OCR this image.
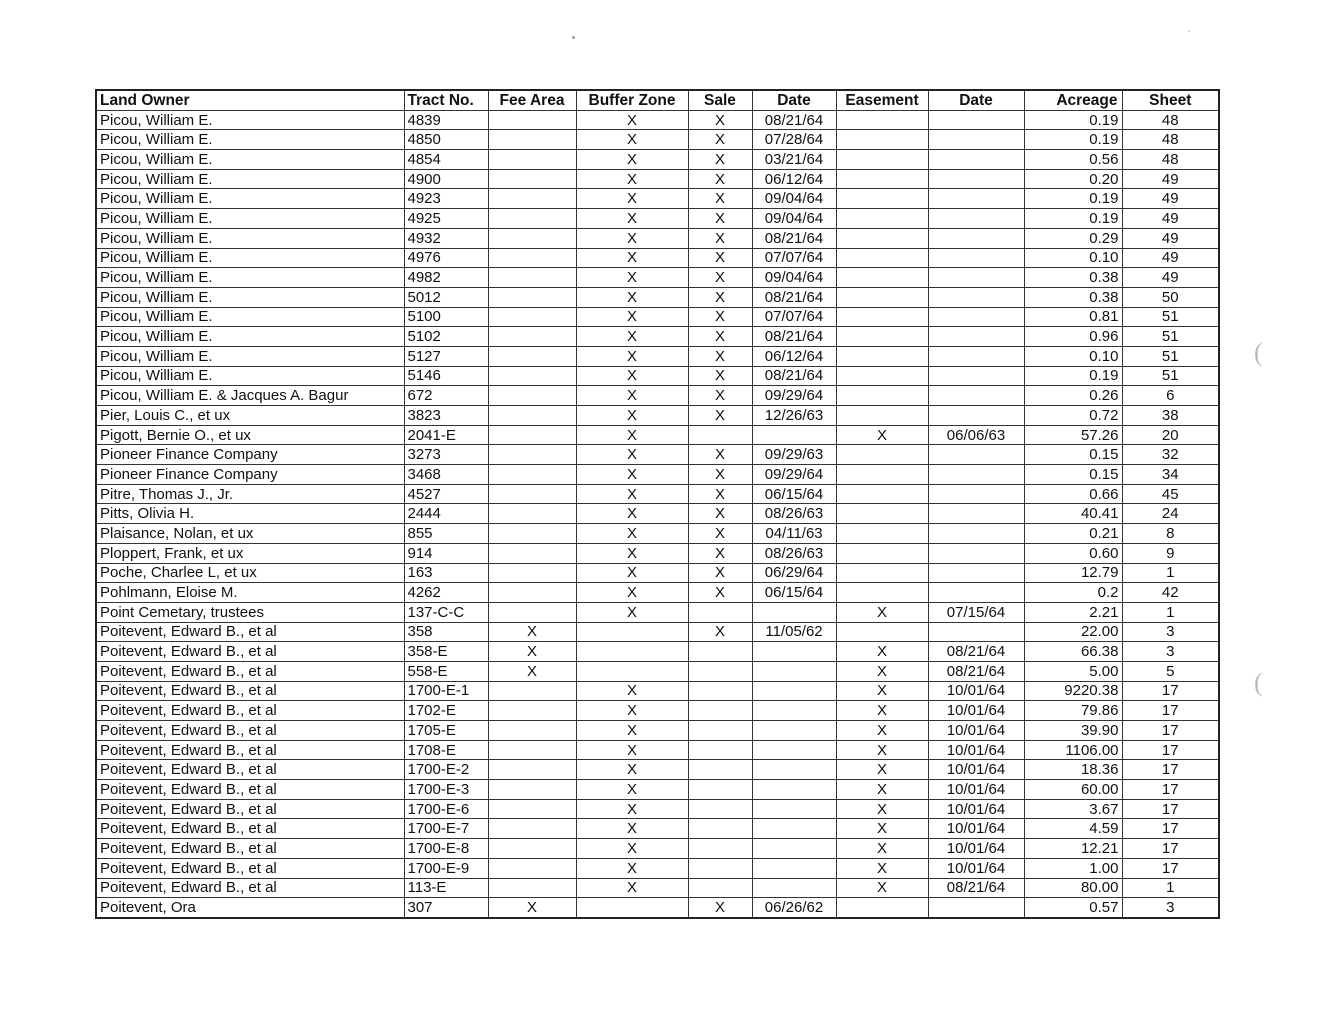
(
(
Land Owner	Tract No.	Fee Area	Buffer Zone	Sale	Date	Easement	Date	Acreage	Sheet
Picou, William E.	4839		X	X	08/21/64			0.19	48
Picou, William E.	4850		X	X	07/28/64			0.19	48
Picou, William E.	4854		X	X	03/21/64			0.56	48
Picou, William E.	4900		X	X	06/12/64			0.20	49
Picou, William E.	4923		X	X	09/04/64			0.19	49
Picou, William E.	4925		X	X	09/04/64			0.19	49
Picou, William E.	4932		X	X	08/21/64			0.29	49
Picou, William E.	4976		X	X	07/07/64			0.10	49
Picou, William E.	4982		X	X	09/04/64			0.38	49
Picou, William E.	5012		X	X	08/21/64			0.38	50
Picou, William E.	5100		X	X	07/07/64			0.81	51
Picou, William E.	5102		X	X	08/21/64			0.96	51
Picou, William E.	5127		X	X	06/12/64			0.10	51
Picou, William E.	5146		X	X	08/21/64			0.19	51
Picou, William E. & Jacques A. Bagur	672		X	X	09/29/64			0.26	6
Pier, Louis C., et ux	3823		X	X	12/26/63			0.72	38
Pigott, Bernie O., et ux	2041-E		X			X	06/06/63	57.26	20
Pioneer Finance Company	3273		X	X	09/29/63			0.15	32
Pioneer Finance Company	3468		X	X	09/29/64			0.15	34
Pitre, Thomas J., Jr.	4527		X	X	06/15/64			0.66	45
Pitts, Olivia H.	2444		X	X	08/26/63			40.41	24
Plaisance, Nolan, et ux	855		X	X	04/11/63			0.21	8
Ploppert, Frank, et ux	914		X	X	08/26/63			0.60	9
Poche, Charlee L, et ux	163		X	X	06/29/64			12.79	1
Pohlmann, Eloise M.	4262		X	X	06/15/64			0.2	42
Point Cemetary, trustees	137-C-C		X			X	07/15/64	2.21	1
Poitevent, Edward B., et al	358	X		X	11/05/62			22.00	3
Poitevent, Edward B., et al	358-E	X				X	08/21/64	66.38	3
Poitevent, Edward B., et al	558-E	X				X	08/21/64	5.00	5
Poitevent, Edward B., et al	1700-E-1		X			X	10/01/64	9220.38	17
Poitevent, Edward B., et al	1702-E		X			X	10/01/64	79.86	17
Poitevent, Edward B., et al	1705-E		X			X	10/01/64	39.90	17
Poitevent, Edward B., et al	1708-E		X			X	10/01/64	1106.00	17
Poitevent, Edward B., et al	1700-E-2		X			X	10/01/64	18.36	17
Poitevent, Edward B., et al	1700-E-3		X			X	10/01/64	60.00	17
Poitevent, Edward B., et al	1700-E-6		X			X	10/01/64	3.67	17
Poitevent, Edward B., et al	1700-E-7		X			X	10/01/64	4.59	17
Poitevent, Edward B., et al	1700-E-8		X			X	10/01/64	12.21	17
Poitevent, Edward B., et al	1700-E-9		X			X	10/01/64	1.00	17
Poitevent, Edward B., et al	113-E		X			X	08/21/64	80.00	1
Poitevent, Ora	307	X		X	06/26/62			0.57	3
